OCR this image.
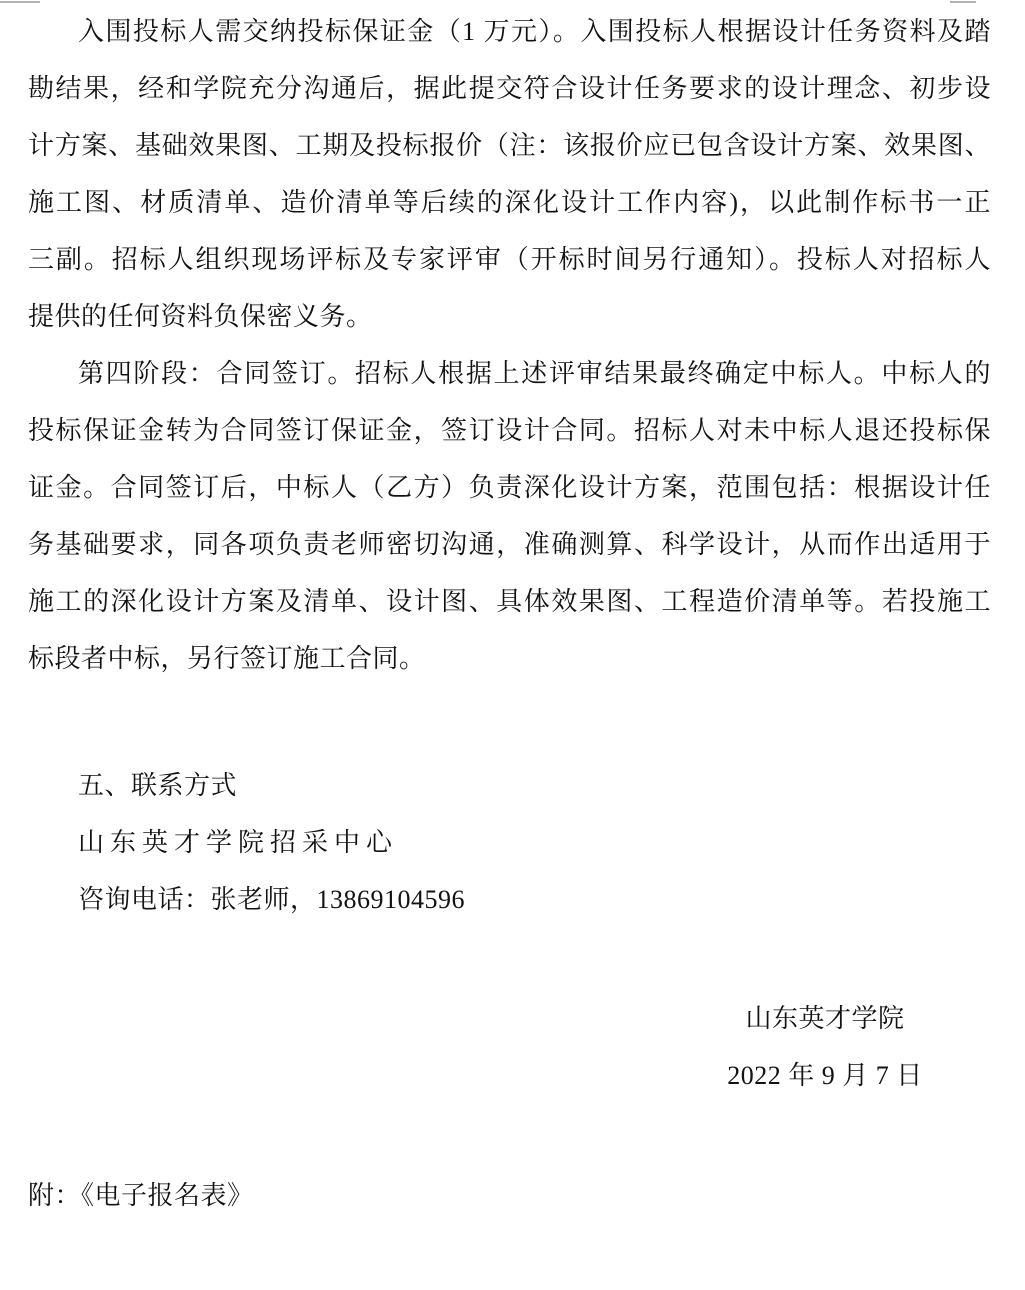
入围投标人需交纳投标保证金（1 万元）。入围投标人根据设计任务资料及踏
勘结果，经和学院充分沟通后，据此提交符合设计任务要求的设计理念、初步设
计方案、基础效果图、工期及投标报价（注：该报价应已包含设计方案、效果图、
施工图、材质清单、造价清单等后续的深化设计工作内容)，以此制作标书一正
三副。招标人组织现场评标及专家评审（开标时间另行通知）。投标人对招标人
提供的任何资料负保密义务。
第四阶段：合同签订。招标人根据上述评审结果最终确定中标人。中标人的
投标保证金转为合同签订保证金，签订设计合同。招标人对未中标人退还投标保
证金。合同签订后，中标人（乙方）负责深化设计方案，范围包括：根据设计任
务基础要求，同各项负责老师密切沟通，准确测算、科学设计，从而作出适用于
施工的深化设计方案及清单、设计图、具体效果图、工程造价清单等。若投施工
标段者中标，另行签订施工合同。
五、联系方式
山东英才学院招采中心
咨询电话：张老师，13869104596
山东英才学院
2022 年 9 月 7 日
附：《电子报名表》
